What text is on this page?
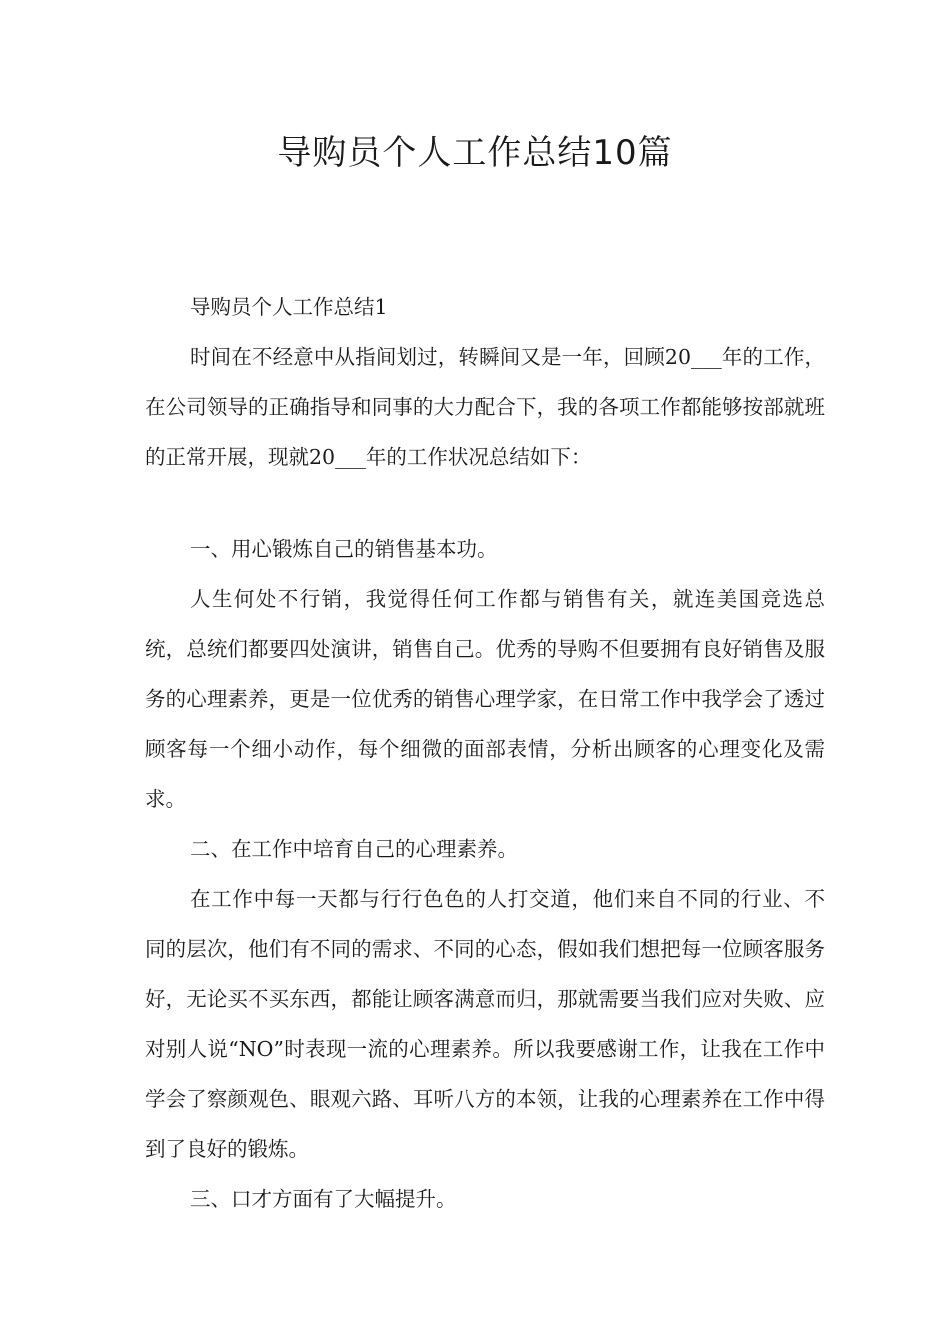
导购员个人工作总结10篇

导购员个人工作总结1

时间在不经意中从指间划过，转瞬间又是一年，回顾20___年的工作，在公司领导的正确指导和同事的大力配合下，我的各项工作都能够按部就班的正常开展，现就20___年的工作状况总结如下：

一、用心锻炼自己的销售基本功。

人生何处不行销，我觉得任何工作都与销售有关，就连美国竞选总统，总统们都要四处演讲，销售自己。优秀的导购不但要拥有良好销售及服务的心理素养，更是一位优秀的销售心理学家，在日常工作中我学会了透过顾客每一个细小动作，每个细微的面部表情，分析出顾客的心理变化及需求。

二、在工作中培育自己的心理素养。

在工作中每一天都与行行色色的人打交道，他们来自不同的行业、不同的层次，他们有不同的需求、不同的心态，假如我们想把每一位顾客服务好，无论买不买东西，都能让顾客满意而归，那就需要当我们应对失败、应对别人说“NO”时表现一流的心理素养。所以我要感谢工作，让我在工作中学会了察颜观色、眼观六路、耳听八方的本领，让我的心理素养在工作中得到了良好的锻炼。

三、口才方面有了大幅提升。
